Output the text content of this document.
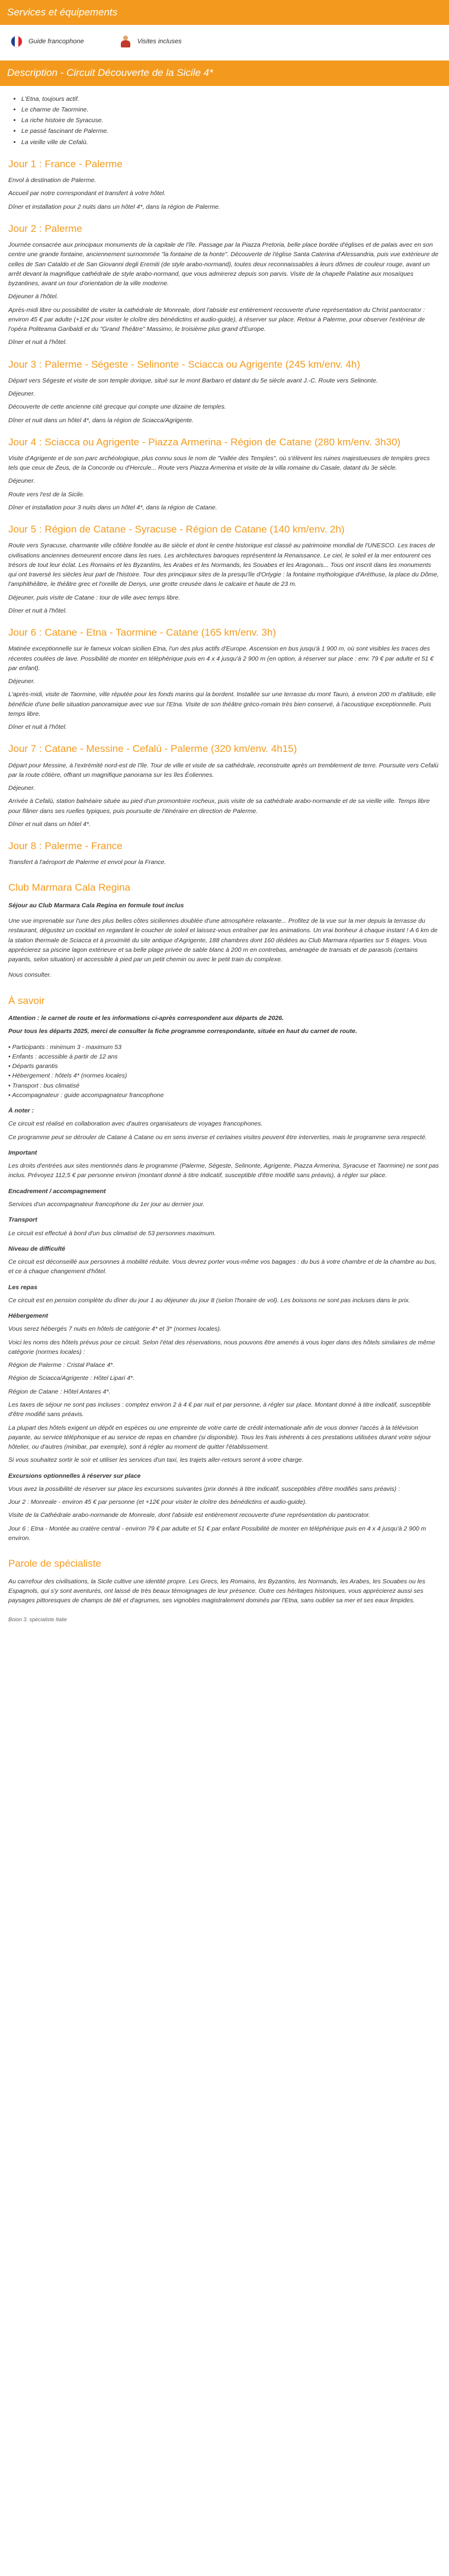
Services et équipements
Guide francophone	Visites incluses
Description - Circuit Découverte de la Sicile 4*
• L'Etna, toujours actif.
• Le charme de Taormine.
• La riche histoire de Syracuse.
• Le passé fascinant de Palerme.
• La vieille ville de Cefalù.
Jour 1 : France - Palerme

Envol à destination de Palerme.

Accueil par notre correspondant et transfert à votre hôtel.

Dîner et installation pour 2 nuits dans un hôtel 4*, dans la région de Palerme.

Jour 2 : Palerme

Journée consacrée aux principaux monuments de la capitale de l'île. Passage par la Piazza Pretoria, belle place bordée d'églises et de palais avec en son centre une grande fontaine, anciennement surnommée "la fontaine de la honte". Découverte de l'église Santa Caterina d'Alessandria, puis vue extérieure de celles de San Cataldo et de San Giovanni degli Eremiti (de style arabo-normand), toutes deux reconnaissables à leurs dômes de couleur rouge, avant un arrêt devant la magnifique cathédrale de style arabo-normand, que vous admirerez depuis son parvis. Visite de la chapelle Palatine aux mosaïques byzantines, avant un tour d'orientation de la ville moderne.

Déjeuner à l'hôtel.

Après-midi libre ou possibilité de visiter la cathédrale de Monreale, dont l'abside est entièrement recouverte d'une représentation du Christ pantocrator : environ 45 € par adulte (+12€ pour visiter le cloître des bénédictins et audio-guide), à réserver sur place. Retour à Palerme, pour observer l'extérieur de l'opéra Politeama Garibaldi et du "Grand Théâtre" Massimo, le troisième plus grand d'Europe.

Dîner et nuit à l'hôtel.

Jour 3 : Palerme - Ségeste - Selinonte - Sciacca ou Agrigente (245 km/env. 4h)

Départ vers Ségeste et visite de son temple dorique, situé sur le mont Barbaro et datant du 5e siècle avant J.-C. Route vers Selinonte.

Déjeuner.

Découverte de cette ancienne cité grecque qui compte une dizaine de temples.

Dîner et nuit dans un hôtel 4*, dans la région de Sciacca/Agrigente.

Jour 4 : Sciacca ou Agrigente - Piazza Armerina - Région de Catane (280 km/env. 3h30)

Visite d'Agrigente et de son parc archéologique, plus connu sous le nom de "Vallée des Temples", où s'élèvent les ruines majestueuses de temples grecs tels que ceux de Zeus, de la Concorde ou d'Hercule... Route vers Piazza Armerina et visite de la villa romaine du Casale, datant du 3e siècle.

Déjeuner.

Route vers l'est de la Sicile.

Dîner et installation pour 3 nuits dans un hôtel 4*, dans la région de Catane.

Jour 5 : Région de Catane - Syracuse - Région de Catane (140 km/env. 2h)

Route vers Syracuse, charmante ville côtière fondée au 8e siècle et dont le centre historique est classé au patrimoine mondial de l'UNESCO. Les traces de civilisations anciennes demeurent encore dans les rues. Les architectures baroques représentent la Renaissance. Le ciel, le soleil et la mer entourent ces trésors de tout leur éclat. Les Romains et les Byzantins, les Arabes et les Normands, les Souabes et les Aragonais... Tous ont inscrit dans les monuments qui ont traversé les siècles leur part de l'histoire. Tour des principaux sites de la presqu'île d'Ortygie : la fontaine mythologique d'Aréthuse, la place du Dôme, l'amphithéâtre, le théâtre grec et l'oreille de Denys, une grotte creusée dans le calcaire et haute de 23 m.

Déjeuner, puis visite de Catane : tour de ville avec temps libre.

Dîner et nuit à l'hôtel.

Jour 6 : Catane - Etna - Taormine - Catane (165 km/env. 3h)

Matinée exceptionnelle sur le fameux volcan sicilien Etna, l'un des plus actifs d'Europe. Ascension en bus jusqu'à 1 900 m, où sont visibles les traces des récentes coulées de lave. Possibilité de monter en téléphérique puis en 4 x 4 jusqu'à 2 900 m (en option, à réserver sur place : env. 79 € par adulte et 51 € par enfant).

Déjeuner.

L'après-midi, visite de Taormine, ville réputée pour les fonds marins qui la bordent. Installée sur une terrasse du mont Tauro, à environ 200 m d'altitude, elle bénéficie d'une belle situation panoramique avec vue sur l'Etna. Visite de son théâtre gréco-romain très bien conservé, à l'acoustique exceptionnelle. Puis temps libre.

Dîner et nuit à l'hôtel.

Jour 7 : Catane - Messine - Cefalù - Palerme (320 km/env. 4h15)

Départ pour Messine, à l'extrémité nord-est de l'île. Tour de ville et visite de sa cathédrale, reconstruite après un tremblement de terre. Poursuite vers Cefalù par la route côtière, offrant un magnifique panorama sur les îles Éoliennes.

Déjeuner.

Arrivée à Cefalù, station balnéaire située au pied d'un promontoire rocheux, puis visite de sa cathédrale arabo-normande et de sa vieille ville. Temps libre pour flâner dans ses ruelles typiques, puis poursuite de l'itinéraire en direction de Palerme.

Dîner et nuit dans un hôtel 4*.

Jour 8 : Palerme - France

Transfert à l'aéroport de Palerme et envol pour la France.

Club Marmara Cala Regina

Séjour au Club Marmara Cala Regina en formule tout inclus

Une vue imprenable sur l'une des plus belles côtes siciliennes doublée d'une atmosphère relaxante... Profitez de la vue sur la mer depuis la terrasse du restaurant, dégustez un cocktail en regardant le coucher de soleil et laissez-vous entraîner par les animations. Un vrai bonheur à chaque instant ! A 6 km de la station thermale de Sciacca et à proximité du site antique d'Agrigente, 188 chambres dont 160 dédiées au Club Marmara réparties sur 5 étages. Vous apprécierez sa piscine lagon extérieure et sa belle plage privée de sable blanc à 200 m en contrebas, aménagée de transats et de parasols (certains payants, selon situation) et accessible à pied par un petit chemin ou avec le petit train du complexe.

Nous consulter.

À savoir

Attention : le carnet de route et les informations ci-après correspondent aux départs de 2026.

Pour tous les départs 2025, merci de consulter la fiche programme correspondante, située en haut du carnet de route.

• Participants : minimum 3 - maximum 53

• Enfants : accessible à partir de 12 ans

• Départs garantis

• Hébergement : hôtels 4* (normes locales)

• Transport : bus climatisé

• Accompagnateur : guide accompagnateur francophone

À noter :

Ce circuit est réalisé en collaboration avec d'autres organisateurs de voyages francophones.

Ce programme peut se dérouler de Catane à Catane ou en sens inverse et certaines visites peuvent être interverties, mais le programme sera respecté.

Important

Les droits d'entrées aux sites mentionnés dans le programme (Palerme, Ségeste, Selinonte, Agrigente, Piazza Armerina, Syracuse et Taormine) ne sont pas inclus. Prévoyez 112,5 € par personne environ (montant donné à titre indicatif, susceptible d'être modifié sans préavis), à régler sur place.

Encadrement / accompagnement

Services d'un accompagnateur francophone du 1er jour au dernier jour.

Transport

Le circuit est effectué à bord d'un bus climatisé de 53 personnes maximum.

Niveau de difficulté

Ce circuit est déconseillé aux personnes à mobilité réduite. Vous devrez porter vous-même vos bagages : du bus à votre chambre et de la chambre au bus, et ce à chaque changement d'hôtel.

Les repas

Ce circuit est en pension complète du dîner du jour 1 au déjeuner du jour 8 (selon l'horaire de vol). Les boissons ne sont pas incluses dans le prix.

Hébergement

Vous serez hébergés 7 nuits en hôtels de catégorie 4* et 3* (normes locales).

Voici les noms des hôtels prévus pour ce circuit. Selon l'état des réservations, nous pouvons être amenés à vous loger dans des hôtels similaires de même catégorie (normes locales) :

Région de Palerme : Cristal Palace 4*.

Région de Sciacca/Agrigente : Hôtel Lipari 4*.

Région de Catane : Hôtel Antares 4*.

Les taxes de séjour ne sont pas incluses : comptez environ 2 à 4 € par nuit et par personne, à régler sur place. Montant donné à titre indicatif, susceptible d'être modifié sans préavis.

La plupart des hôtels exigent un dépôt en espèces ou une empreinte de votre carte de crédit internationale afin de vous donner l'accès à la télévision payante, au service téléphonique et au service de repas en chambre (si disponible). Tous les frais inhérents à ces prestations utilisées durant votre séjour hôtelier, ou d'autres (minibar, par exemple), sont à régler au moment de quitter l'établissement.

Si vous souhaitez sortir le soir et utiliser les services d'un taxi, les trajets aller-retours seront à votre charge.

Excursions optionnelles à réserver sur place

Vous avez la possibilité de réserver sur place les excursions suivantes (prix donnés à titre indicatif, susceptibles d'être modifiés sans préavis) :

Jour 2 : Monreale - environ 45 € par personne (et +12€ pour visiter le cloître des bénédictins et audio-guide).

Visite de la Cathédrale arabo-normande de Monreale, dont l'abside est entièrement recouverte d'une représentation du pantocrator.

Jour 6 : Etna - Montée au cratère central - environ 79 € par adulte et 51 € par enfant Possibilité de monter en téléphérique puis en 4 x 4 jusqu'à 2 900 m environ.

Parole de spécialiste

Au carrefour des civilisations, la Sicile cultive une identité propre. Les Grecs, les Romains, les Byzantins, les Normands, les Arabes, les Souabes ou les Espagnols, qui s'y sont aventurés, ont laissé de très beaux témoignages de leur présence. Outre ces héritages historiques, vous apprécierez aussi ses paysages pittoresques de champs de blé et d'agrumes, ses vignobles magistralement dominés par l'Etna, sans oublier sa mer et ses eaux limpides.

Boion 3. spécialiste Italie
